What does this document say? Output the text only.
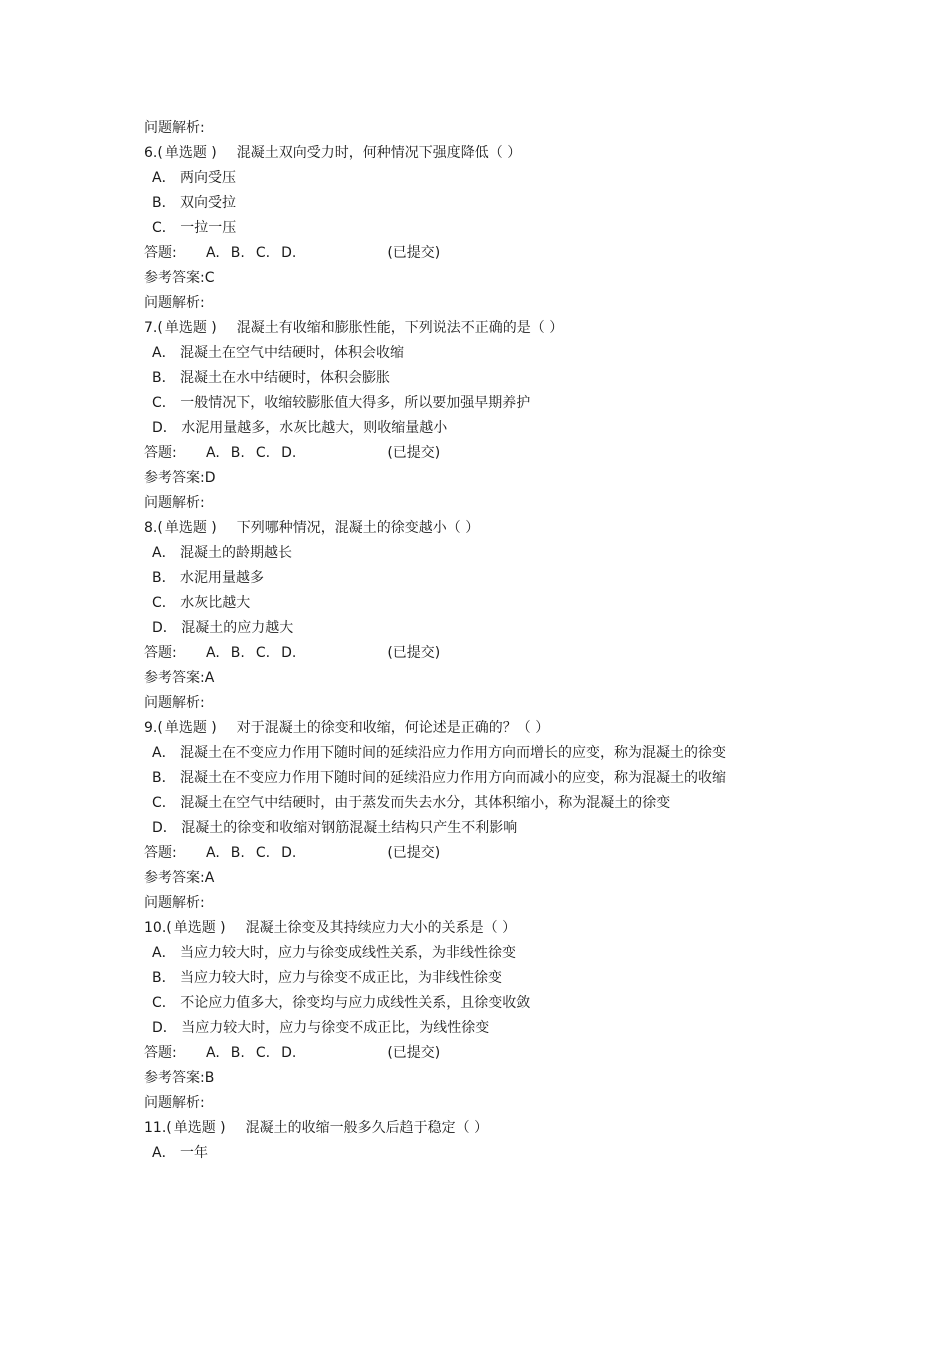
问题解析:
6.( 单选题 ) 混凝土双向受力时，何种情况下强度降低（ ）
A． 两向受压
B． 双向受拉
C． 一拉一压
答题: A. B. C. D.	(已提交)
参考答案:C
问题解析:
7.( 单选题 ) 混凝土有收缩和膨胀性能，下列说法不正确的是（ ）
A． 混凝土在空气中结硬时，体积会收缩
B． 混凝土在水中结硬时，体积会膨胀
C． 一般情况下，收缩较膨胀值大得多，所以要加强早期养护
D． 水泥用量越多，水灰比越大，则收缩量越小
答题: A. B. C. D.	(已提交)
参考答案:D
问题解析:
8.( 单选题 ) 下列哪种情况，混凝土的徐变越小（ ）
A． 混凝土的龄期越长
B． 水泥用量越多
C． 水灰比越大
D． 混凝土的应力越大
答题: A. B. C. D.	(已提交)
参考答案:A
问题解析:
9.( 单选题 ) 对于混凝土的徐变和收缩，何论述是正确的？（ ）
A． 混凝土在不变应力作用下随时间的延续沿应力作用方向而增长的应变，称为混凝土的徐变
B． 混凝土在不变应力作用下随时间的延续沿应力作用方向而减小的应变，称为混凝土的收缩
C． 混凝土在空气中结硬时，由于蒸发而失去水分，其体积缩小，称为混凝土的徐变
D． 混凝土的徐变和收缩对钢筋混凝土结构只产生不利影响
答题: A. B. C. D.	(已提交)
参考答案:A
问题解析:
10.( 单选题 ) 混凝土徐变及其持续应力大小的关系是（ ）
A． 当应力较大时，应力与徐变成线性关系，为非线性徐变
B． 当应力较大时，应力与徐变不成正比，为非线性徐变
C． 不论应力值多大，徐变均与应力成线性关系，且徐变收敛
D． 当应力较大时，应力与徐变不成正比，为线性徐变
答题: A. B. C. D.	(已提交)
参考答案:B
问题解析:
11.( 单选题 ) 混凝土的收缩一般多久后趋于稳定（ ）
A． 一年
